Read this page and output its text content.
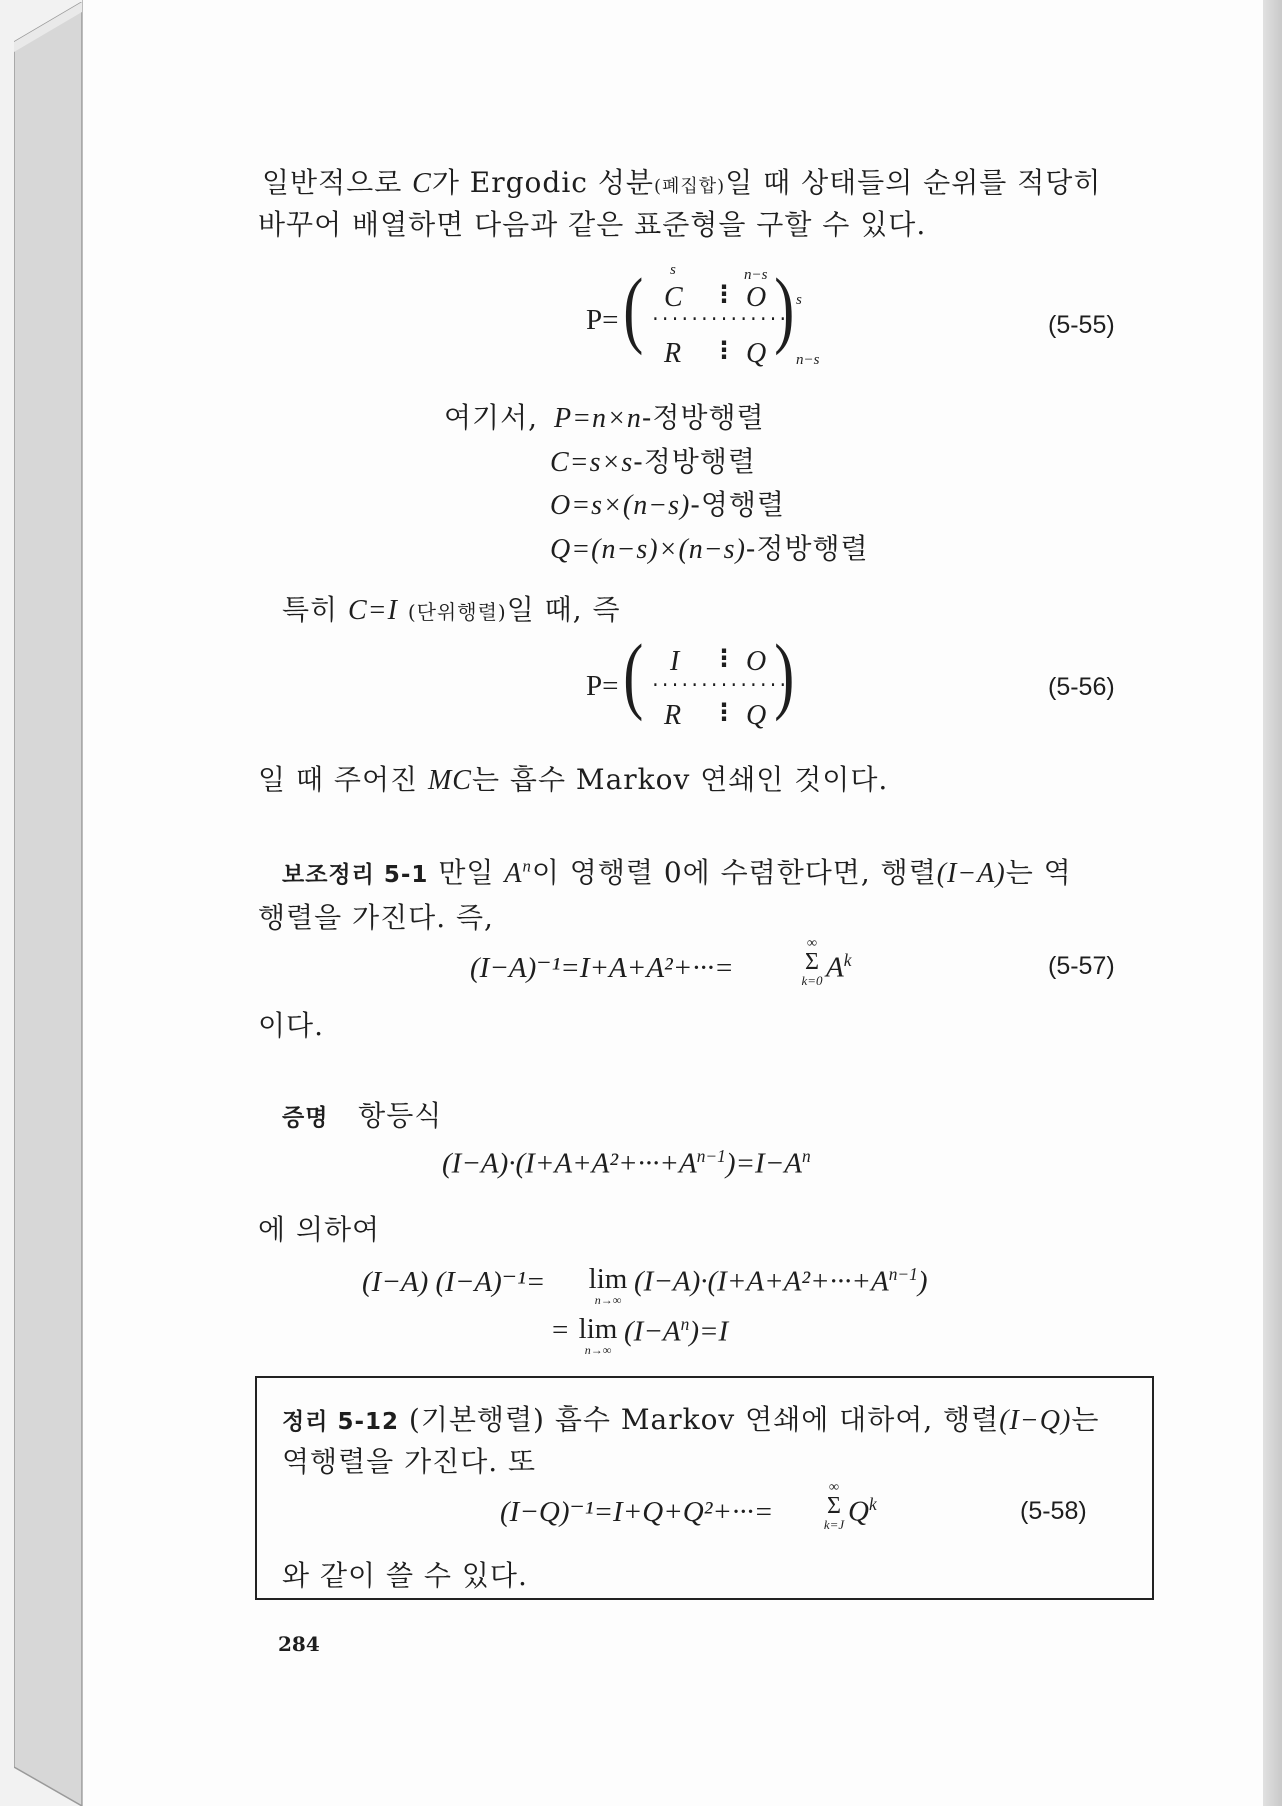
일반적으로 C가 Ergodic 성분(폐집합)일 때 상태들의 순위를 적당히
바꾸어 배열하면 다음과 같은 표준형을 구할 수 있다.
P= ( )
s	n−s
C ⋮ O
··············
R ⋮ Q
s
n−s
(5-55)
여기서, P=n×n-정방행렬
C=s×s-정방행렬
O=s×(n−s)-영행렬
Q=(n−s)×(n−s)-정방행렬
특히 C=I (단위행렬)일 때, 즉
P= ( )
I ⋮ O
··············
R ⋮ Q
(5-56)
일 때 주어진 MC는 흡수 Markov 연쇄인 것이다.
보조정리 5-1 만일 $A^n$이 영행렬 0에 수렴한다면, 행렬(I−A)는 역
행렬을 가진다. 즉,
(I−A)⁻¹=I+A+A²+···=
∞
Σ
k=0 $A^k$	(5-57)
이다.
증명 항등식
$(I-A)\cdot(I+A+A^2+\cdot\cdot\cdot+A^{n-1})=I-A^n$
에 의하여
(I−A) (I−A)⁻¹= lim
n→∞
$(I-A)\cdot(I+A+A^2+\cdot\cdot\cdot+A^{n-1})$
= lim
n→∞
$(I-A^n)=I$
정리 5-12 (기본행렬) 흡수 Markov 연쇄에 대하여, 행렬(I−Q)는
역행렬을 가진다. 또
(I−Q)⁻¹=I+Q+Q²+···=
∞
Σ
k=J $Q^k$	(5-58)
와 같이 쓸 수 있다.
284
